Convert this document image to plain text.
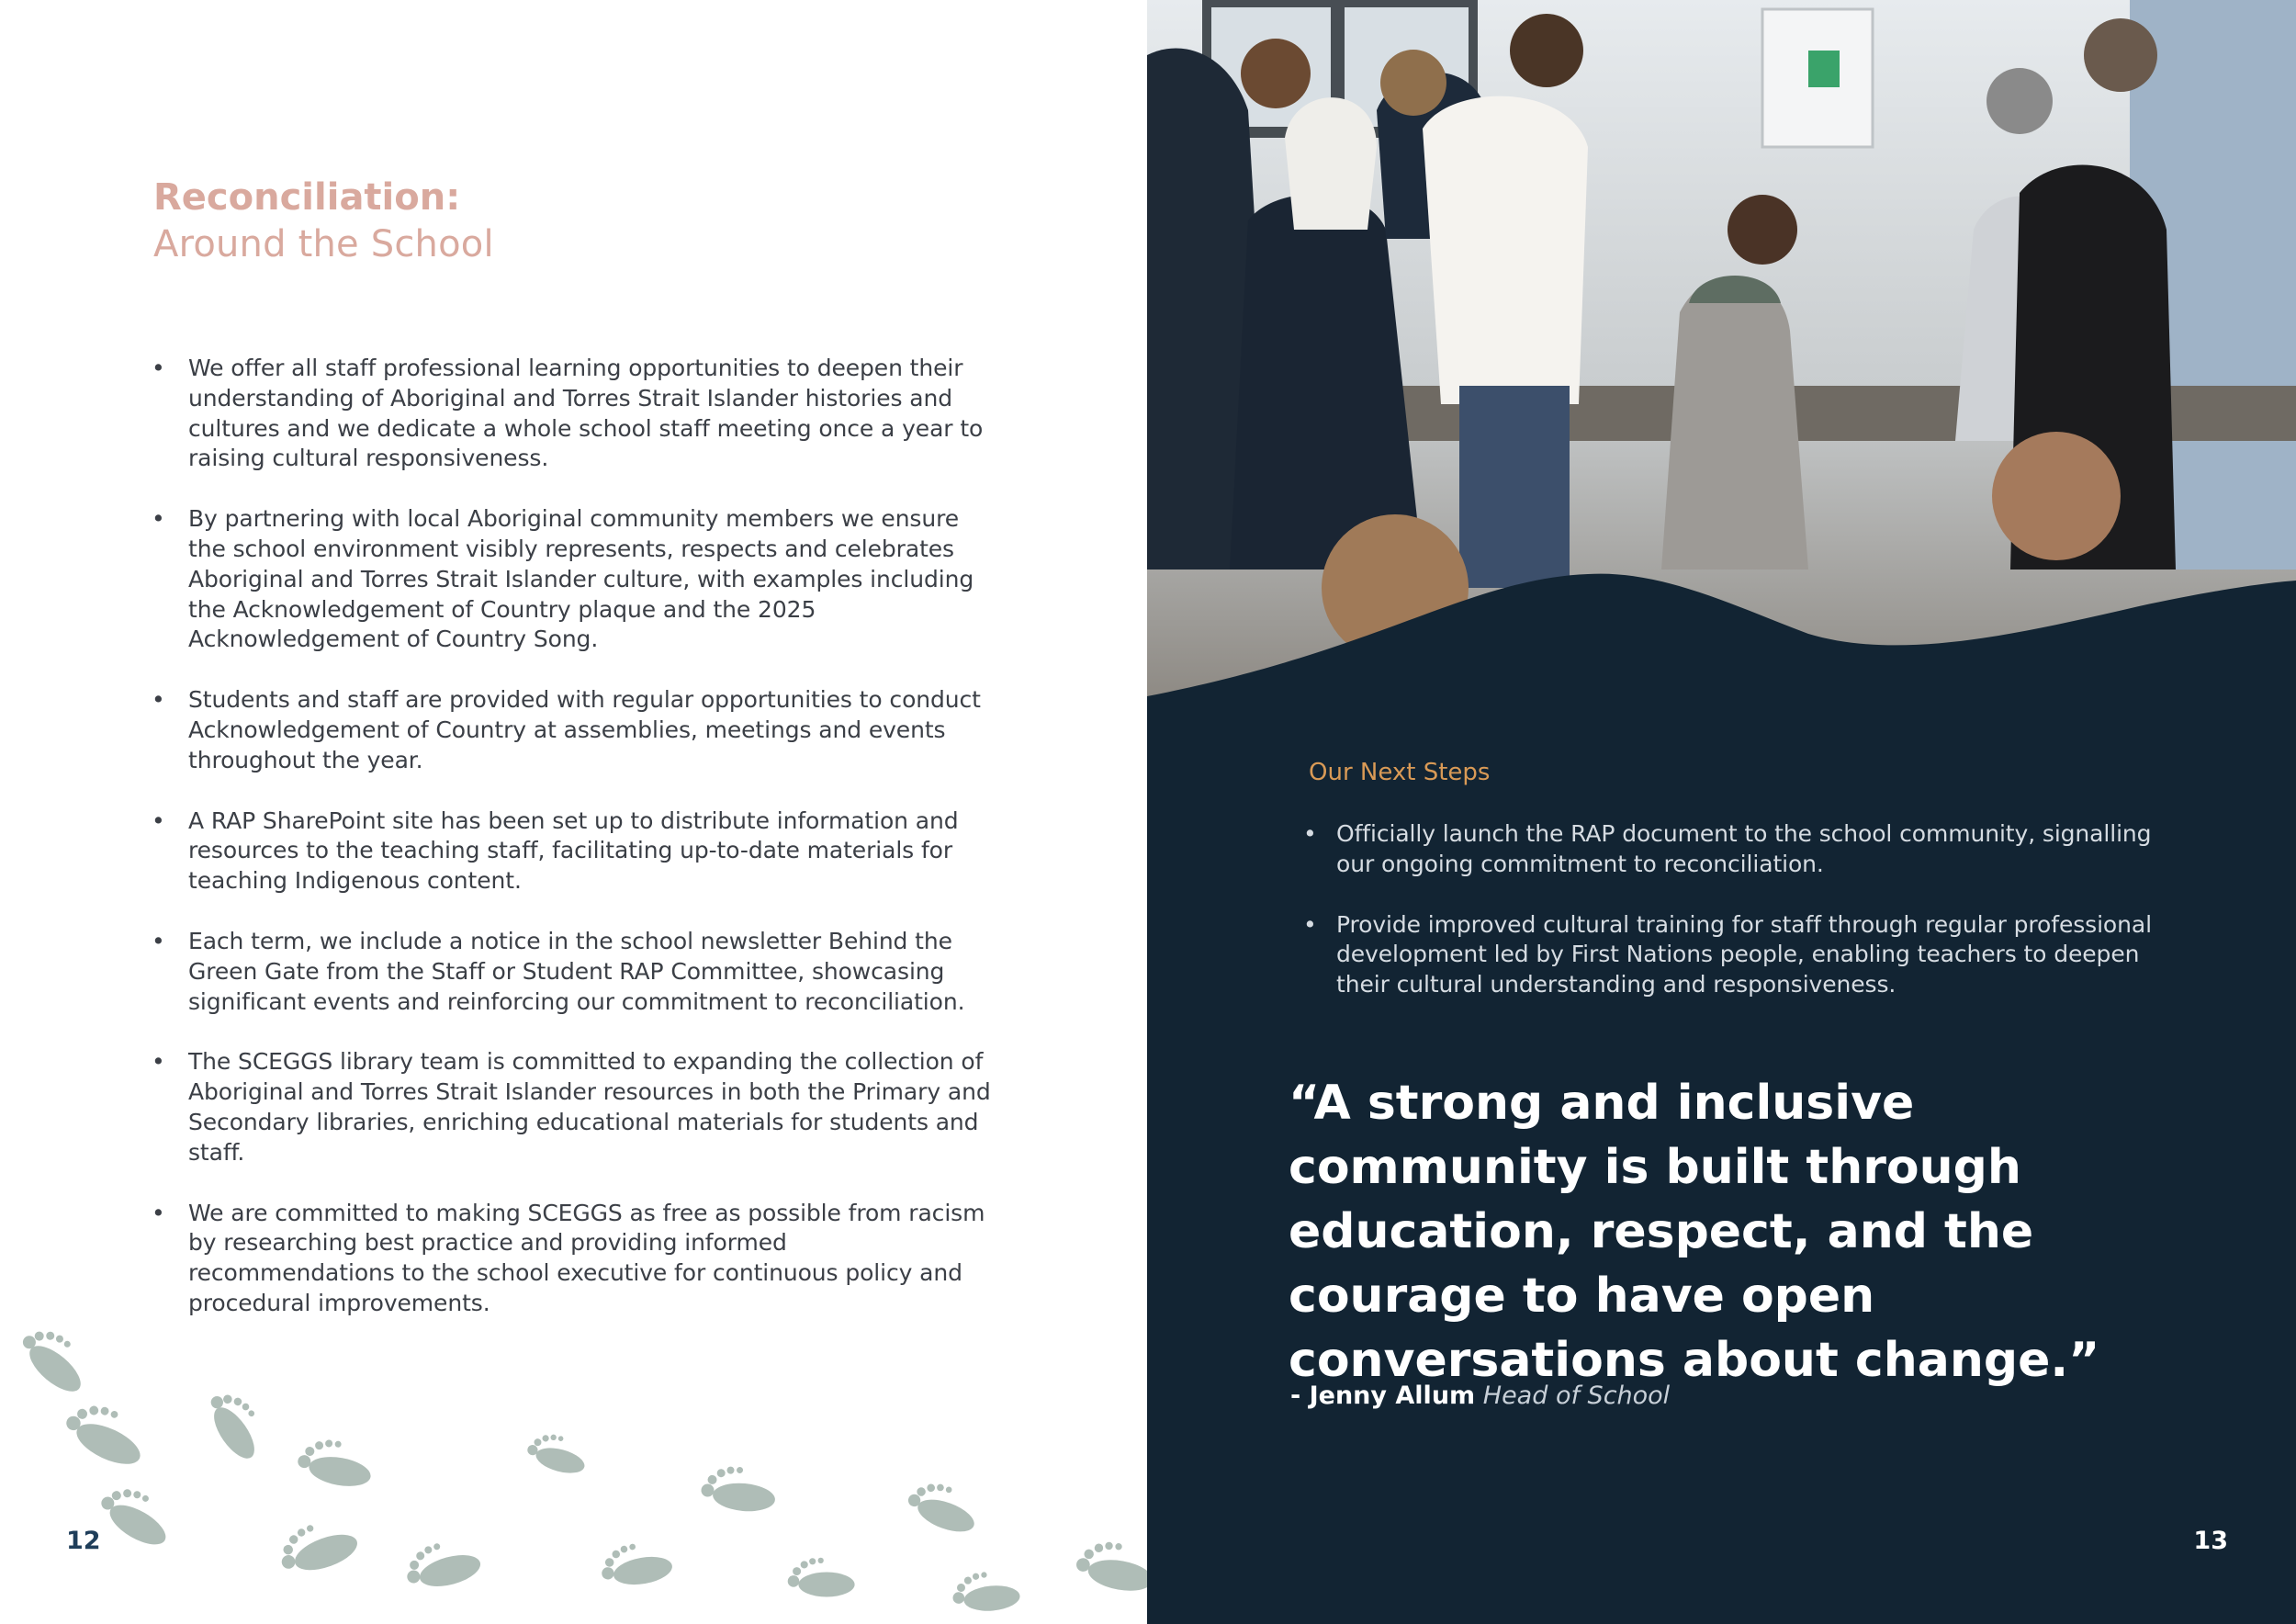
Reconciliation:
Around the School
• We offer all staff professional learning opportunities to deepen their understanding of Aboriginal and Torres Strait Islander histories and cultures and we dedicate a whole school staff meeting once a year to raising cultural responsiveness.
• By partnering with local Aboriginal community members we ensure the school environment visibly represents, respects and celebrates Aboriginal and Torres Strait Islander culture, with examples including the Acknowledgement of Country plaque and the 2025 Acknowledgement of Country Song.
• Students and staff are provided with regular opportunities to conduct Acknowledgement of Country at assemblies, meetings and events throughout the year.
• A RAP SharePoint site has been set up to distribute information and resources to the teaching staff, facilitating up-to-date materials for teaching Indigenous content.
• Each term, we include a notice in the school newsletter Behind the Green Gate from the Staff or Student RAP Committee, showcasing significant events and reinforcing our commitment to reconciliation.
• The SCEGGS library team is committed to expanding the collection of Aboriginal and Torres Strait Islander resources in both the Primary and Secondary libraries, enriching educational materials for students and staff.
• We are committed to making SCEGGS as free as possible from racism by researching best practice and providing informed recommendations to the school executive for continuous policy and procedural improvements.
12
Our Next Steps
• Officially launch the RAP document to the school community, signalling our ongoing commitment to reconciliation.
• Provide improved cultural training for staff through regular professional development led by First Nations people, enabling teachers to deepen their cultural understanding and responsiveness.

“A strong and inclusive community is built through education, respect, and the courage to have open conversations about change.”

- Jenny Allum Head of School
13
